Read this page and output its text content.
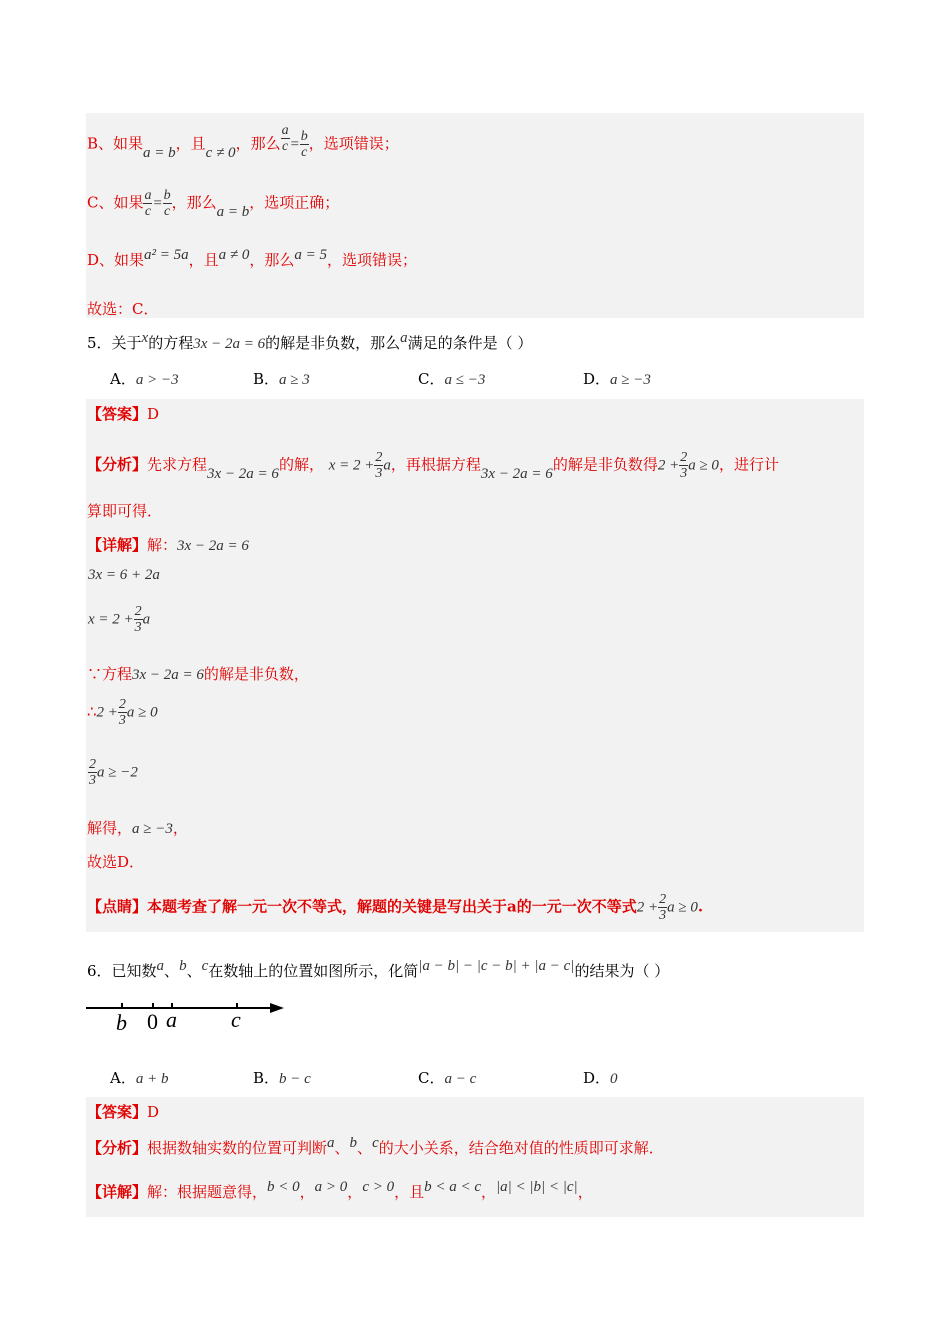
B、如果a = b，且c ≠ 0，那么 $\frac{a}{c} = \frac{b}{c}$ ，选项错误；
C、如果 $\frac{a}{c} = \frac{b}{c}$ ，那么a = b，选项正确；
D、如果a² = 5a，且a ≠ 0，那么a = 5，选项错误；
故选：C．
5．关于x的方程3x − 2a = 6的解是非负数，那么a满足的条件是（ ）
A．a > −3	B．a ≥ 3	C．a ≤ −3	D．a ≥ −3
【答案】D
【分析】先求方程3x − 2a = 6的解， $x = 2 + \frac{2}{3}$ a，再根据方程3x − 2a = 6的解是非负数得$2 + \frac{2}{3}$ a ≥ 0，进行计
算即可得．
【详解】解：3x − 2a = 6
3x = 6 + 2a
$x = 2 + \frac{2}{3}$ a
∵方程3x − 2a = 6的解是非负数，
∴2 + $\frac{2}{3}$ a ≥ 0
$\frac{2}{3}$ a ≥ −2
解得，a ≥ −3，
故选D．
【点睛】本题考查了解一元一次不等式，解题的关键是写出关于a的一元一次不等式$2 + \frac{2}{3}$ a ≥ 0.
6．已知数a、b、c在数轴上的位置如图所示，化简|a − b| − |c − b| + |a − c|的结果为（ ）
b 0 a c
A．a + b	B．b − c	C．a − c	D．0
【答案】D
【分析】根据数轴实数的位置可判断a、b、c的大小关系，结合绝对值的性质即可求解．
【详解】解：根据题意得，b < 0，a > 0，c > 0，且b < a < c，|a| < |b| < |c|，
